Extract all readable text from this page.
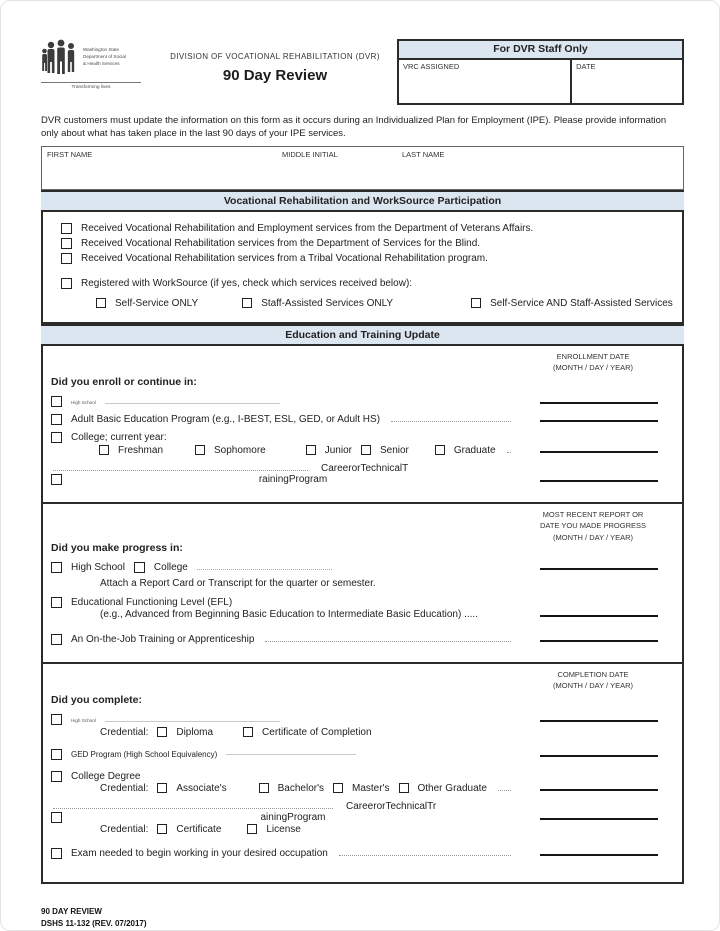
Washington State
Department of Social
& Health Services
Transforming lives
DIVISION OF VOCATIONAL REHABILITATION (DVR)
90 Day Review
For DVR Staff Only
VRC ASSIGNED	DATE
DVR customers must update the information on this form as it occurs during an Individualized Plan for Employment (IPE). Please provide information only about what has taken place in the last 90 days of your IPE services.
FIRST NAME	MIDDLE INITIAL	LAST NAME
Vocational Rehabilitation and WorkSource Participation
Received Vocational Rehabilitation and Employment services from the Department of Veterans Affairs.
Received Vocational Rehabilitation services from the Department of Services for the Blind.
Received Vocational Rehabilitation services from a Tribal Vocational Rehabilitation program.
Registered with WorkSource (if yes, check which services received below):
Self-Service ONLY	Staff-Assisted Services ONLY	Self-Service AND Staff-Assisted Services
Education and Training Update
ENROLLMENT DATE
(MONTH / DAY / YEAR)
Did you enroll or continue in:
High School
Adult Basic Education Program (e.g., I-BEST, ESL, GED, or Adult HS)
College; current year:
Freshman	Sophomore	Junior	Senior	Graduate
CareerorTechnicalT
rainingProgram
MOST RECENT REPORT OR
DATE YOU MADE PROGRESS
(MONTH / DAY / YEAR)
Did you make progress in:
High School	College
Attach a Report Card or Transcript for the quarter or semester.
Educational Functioning Level (EFL)
(e.g., Advanced from Beginning Basic Education to Intermediate Basic Education) .....
An On-the-Job Training or Apprenticeship
COMPLETION DATE
(MONTH / DAY / YEAR)
Did you complete:
High School
Credential:	Diploma	Certificate of Completion
GED Program (High School Equivalency)
College Degree
Credential:	Associate's	Bachelor's	Master's	Other Graduate
CareerorTechnicalTr
ainingProgram
Credential:	Certificate	License
Exam needed to begin working in your desired occupation
90 DAY REVIEW
DSHS 11-132 (REV. 07/2017)
